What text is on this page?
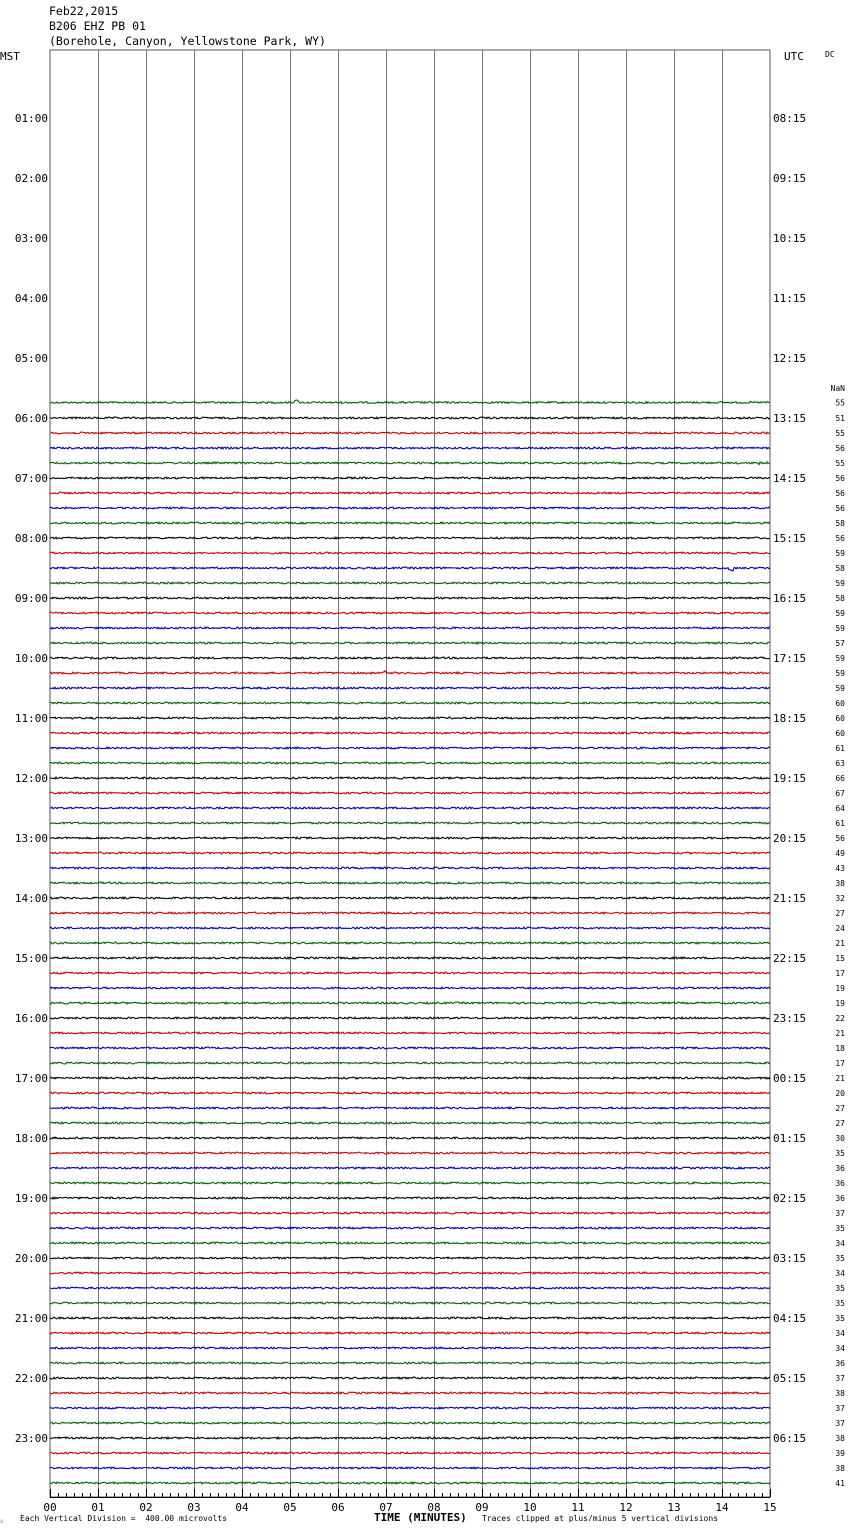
Feb22,2015
B206 EHZ PB 01
(Borehole, Canyon, Yellowstone Park, WY)
55
51
55
56
55
56
56
56
58
56
59
58
59
58
59
59
57
59
59
59
60
60
60
61
63
66
67
64
61
56
49
43
38
32
27
24
21
15
17
19
19
22
21
18
17
21
20
27
27
30
35
36
36
36
37
35
34
35
34
35
35
35
34
34
36
37
38
37
37
38
39
38
41
01:00
02:00
03:00
04:00
05:00
06:00
07:00
08:00
09:00
10:00
11:00
12:00
13:00
14:00
15:00
16:00
17:00
18:00
19:00
20:00
21:00
22:00
23:00
08:15
09:15
10:15
11:15
12:15
13:15
14:15
15:15
16:15
17:15
18:15
19:15
20:15
21:15
22:15
23:15
00:15
01:15
02:15
03:15
04:15
05:15
06:15
MST	UTC	DC
NaN
00	01	02	03	04	05	06	07	08	09	10	11	12	13	14	15
∴ Each Vertical Division =  400.00 microvolts	TIME (MINUTES) Traces clipped at plus/minus 5 vertical divisions
